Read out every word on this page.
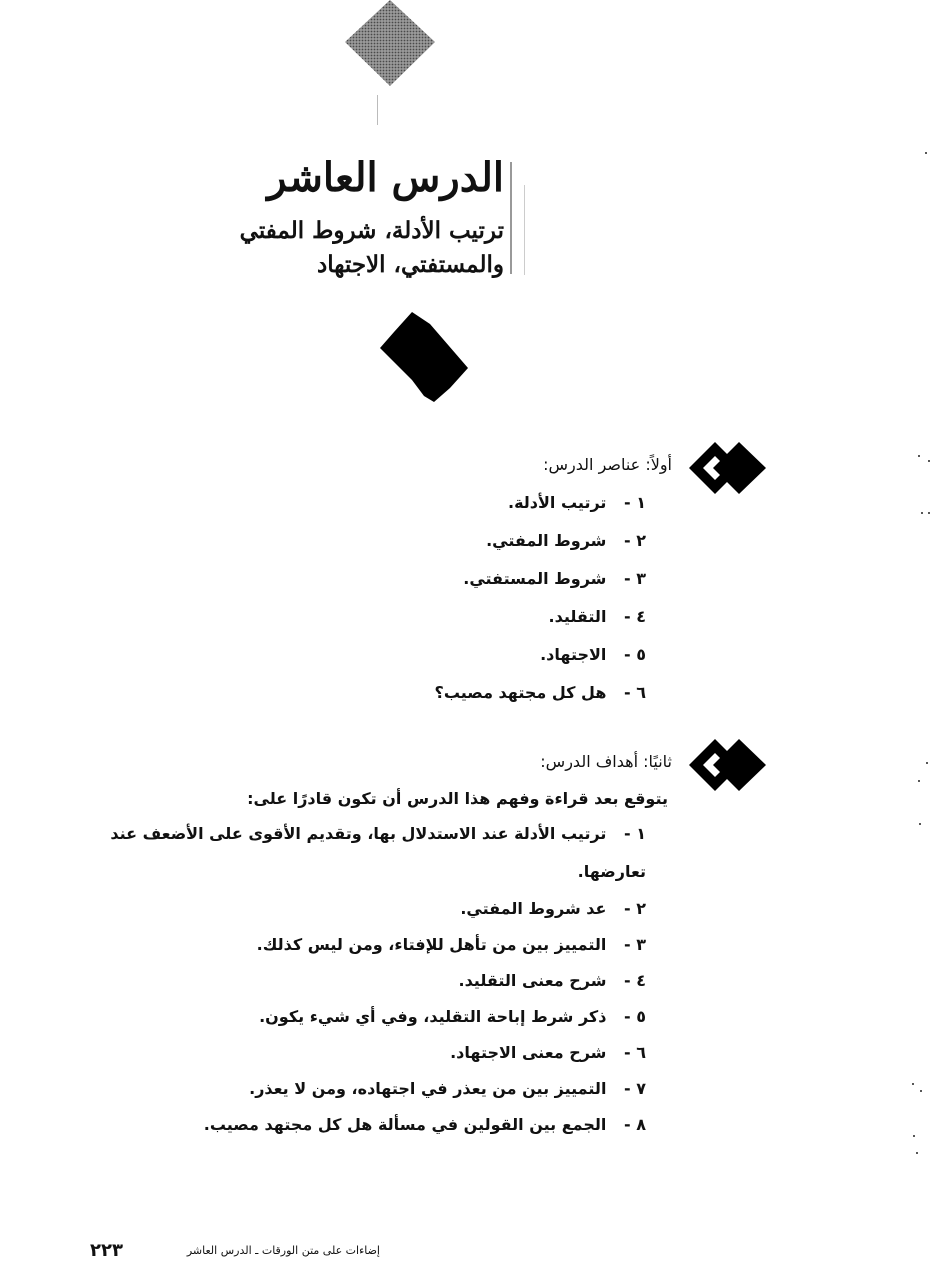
الدرس العاشر
ترتيب الأدلة، شروط المفتي
والمستفتي، الاجتهاد
أولاً: عناصر الدرس:
١ - ترتيب الأدلة.
٢ - شروط المفتي.
٣ - شروط المستفتي.
٤ - التقليد.
٥ - الاجتهاد.
٦ - هل كل مجتهد مصيب؟
ثانيًا: أهداف الدرس:
يتوقع بعد قراءة وفهم هذا الدرس أن تكون قادرًا على:
١ - ترتيب الأدلة عند الاستدلال بها، وتقديم الأقوى على الأضعف عند تعارضها.
٢ - عد شروط المفتي.
٣ - التمييز بين من تأهل للإفتاء، ومن ليس كذلك.
٤ - شرح معنى التقليد.
٥ - ذكر شرط إباحة التقليد، وفي أي شيء يكون.
٦ - شرح معنى الاجتهاد.
٧ - التمييز بين من يعذر في اجتهاده، ومن لا يعذر.
٨ - الجمع بين القولين في مسألة هل كل مجتهد مصيب.
إضاءات على متن الورقات ـ الدرس العاشر
٢٢٣
